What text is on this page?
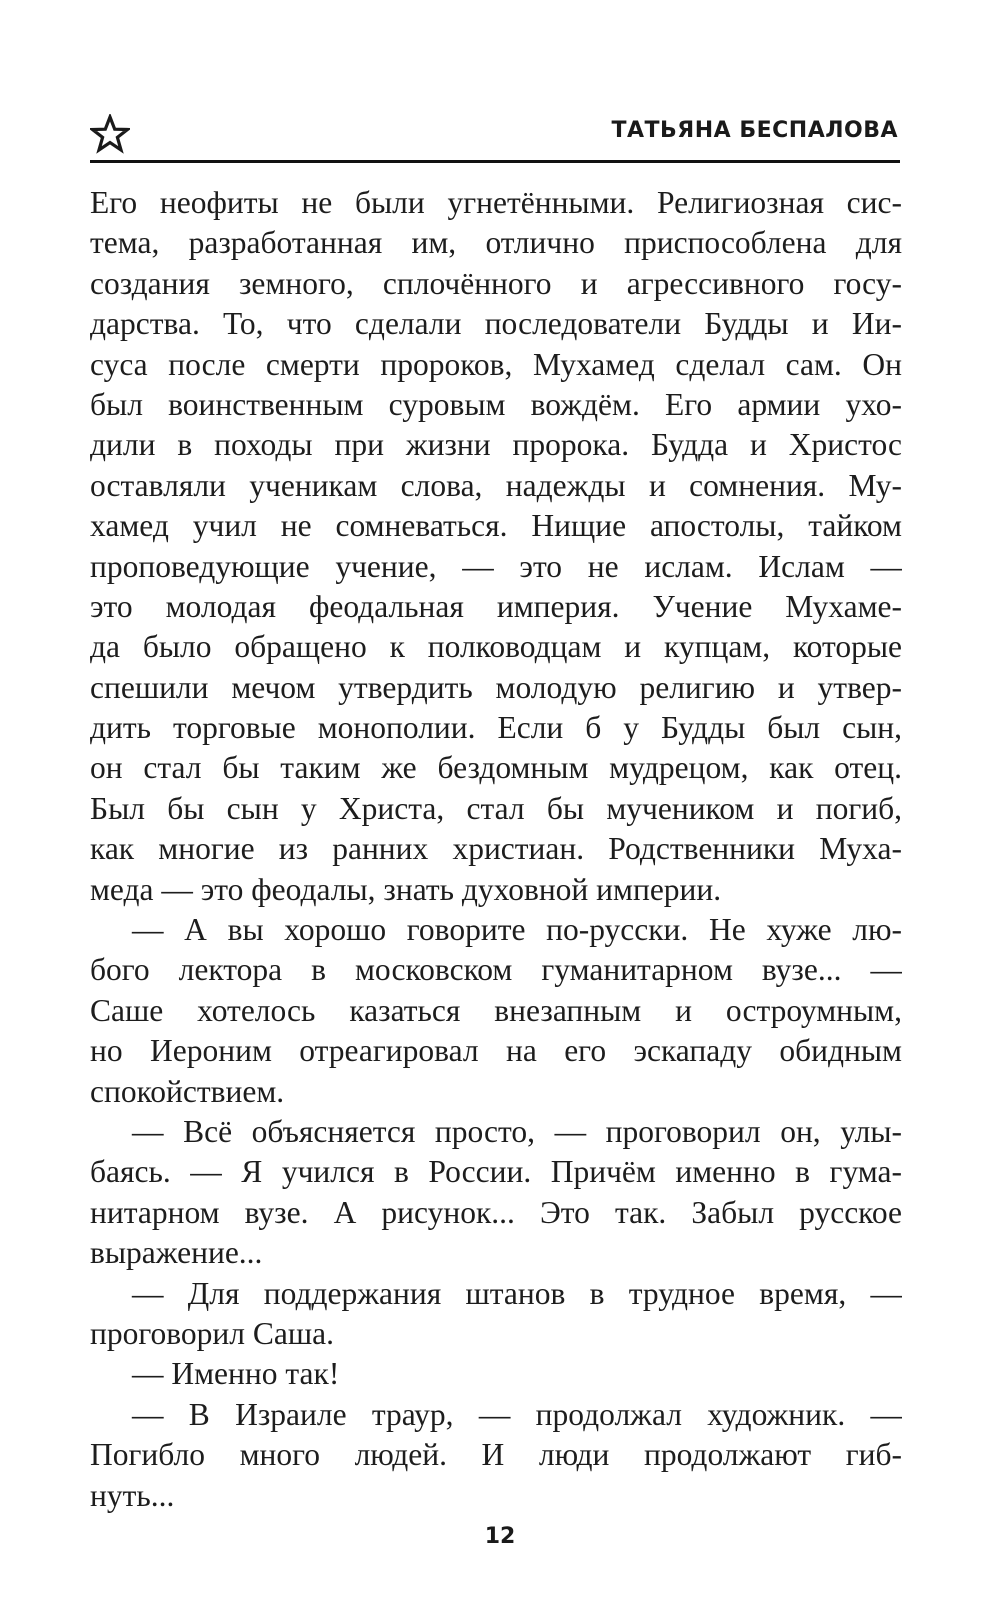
ТАТЬЯНА БЕСПАЛОВА
Его неофиты не были угнетёнными. Религиозная сис-
тема, разработанная им, отлично приспособлена для
создания земного, сплочённого и агрессивного госу-
дарства. То, что сделали последователи Будды и Ии-
суса после смерти пророков, Мухамед сделал сам. Он
был воинственным суровым вождём. Его армии ухо-
дили в походы при жизни пророка. Будда и Христос
оставляли ученикам слова, надежды и сомнения. Му-
хамед учил не сомневаться. Нищие апостолы, тайком
проповедующие учение, — это не ислам. Ислам —
это молодая феодальная империя. Учение Мухаме-
да было обращено к полководцам и купцам, которые
спешили мечом утвердить молодую религию и утвер-
дить торговые монополии. Если б у Будды был сын,
он стал бы таким же бездомным мудрецом, как отец.
Был бы сын у Христа, стал бы мучеником и погиб,
как многие из ранних христиан. Родственники Муха-
меда — это феодалы, знать духовной империи.
— А вы хорошо говорите по-русски. Не хуже лю-
бого лектора в московском гуманитарном вузе... —
Саше хотелось казаться внезапным и остроумным,
но Иероним отреагировал на его эскападу обидным
спокойствием.
— Всё объясняется просто, — проговорил он, улы-
баясь. — Я учился в России. Причём именно в гума-
нитарном вузе. А рисунок... Это так. Забыл русское
выражение...
— Для поддержания штанов в трудное время, —
проговорил Саша.
— Именно так!
— В Израиле траур, — продолжал художник. —
Погибло много людей. И люди продолжают гиб-
нуть...
12
